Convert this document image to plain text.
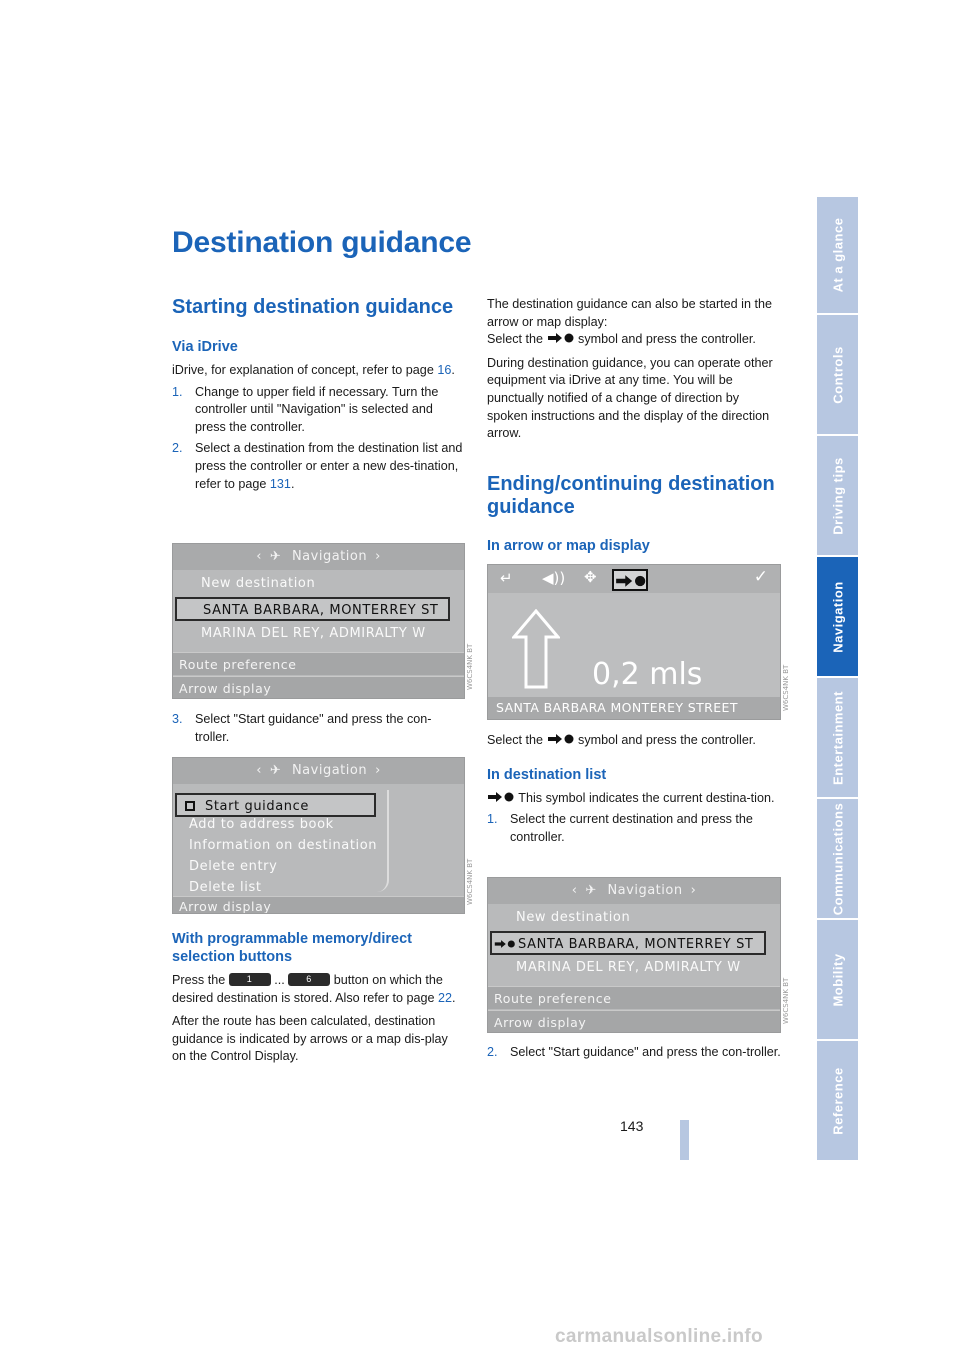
Destination guidance
Starting destination guidance
Via iDrive
iDrive, for explanation of concept, refer to page 16.
1. Change to upper field if necessary. Turn the controller until "Navigation" is selected and press the controller.
2. Select a destination from the destination list and press the controller or enter a new des-tination, refer to page 131.
‹ ✈ Navigation ›
New destination
SANTA BARBARA, MONTERREY ST
MARINA DEL REY, ADMIRALTY W
Route preference
Arrow display	W6CS4NK BT
3. Select "Start guidance" and press the con-troller.
‹ ✈ Navigation ›
Start guidance
Add to address book
Information on destination
Delete entry
Delete list
Arrow display
W6CS4NK BT
With programmable memory/direct selection buttons
Press the 1 ... 6 button on which the desired destination is stored. Also refer to page 22.
After the route has been calculated, destination guidance is indicated by arrows or a map dis-play on the Control Display.
The destination guidance can also be started in the arrow or map display:
Select the	symbol and press the controller.
During destination guidance, you can operate other equipment via iDrive at any time. You will be punctually notified of a change of direction by spoken instructions and the display of the direction arrow.
Ending/continuing destination guidance
In arrow or map display
↵ ◀)) ✥	✓
0,2 mls
SANTA BARBARA MONTEREY STREET	W6CS4NK BT
Select the	symbol and press the controller.
In destination list
This symbol indicates the current destina-tion.
1. Select the current destination and press the controller.
‹ ✈ Navigation ›
New destination
SANTA BARBARA, MONTERREY ST
MARINA DEL REY, ADMIRALTY W
Route preference
Arrow display	W6CS4NK BT
2. Select "Start guidance" and press the con-troller.
At a glance
Controls
Driving tips
Navigation
Entertainment
Communications
Mobility
Reference
143
carmanualsonline.info
